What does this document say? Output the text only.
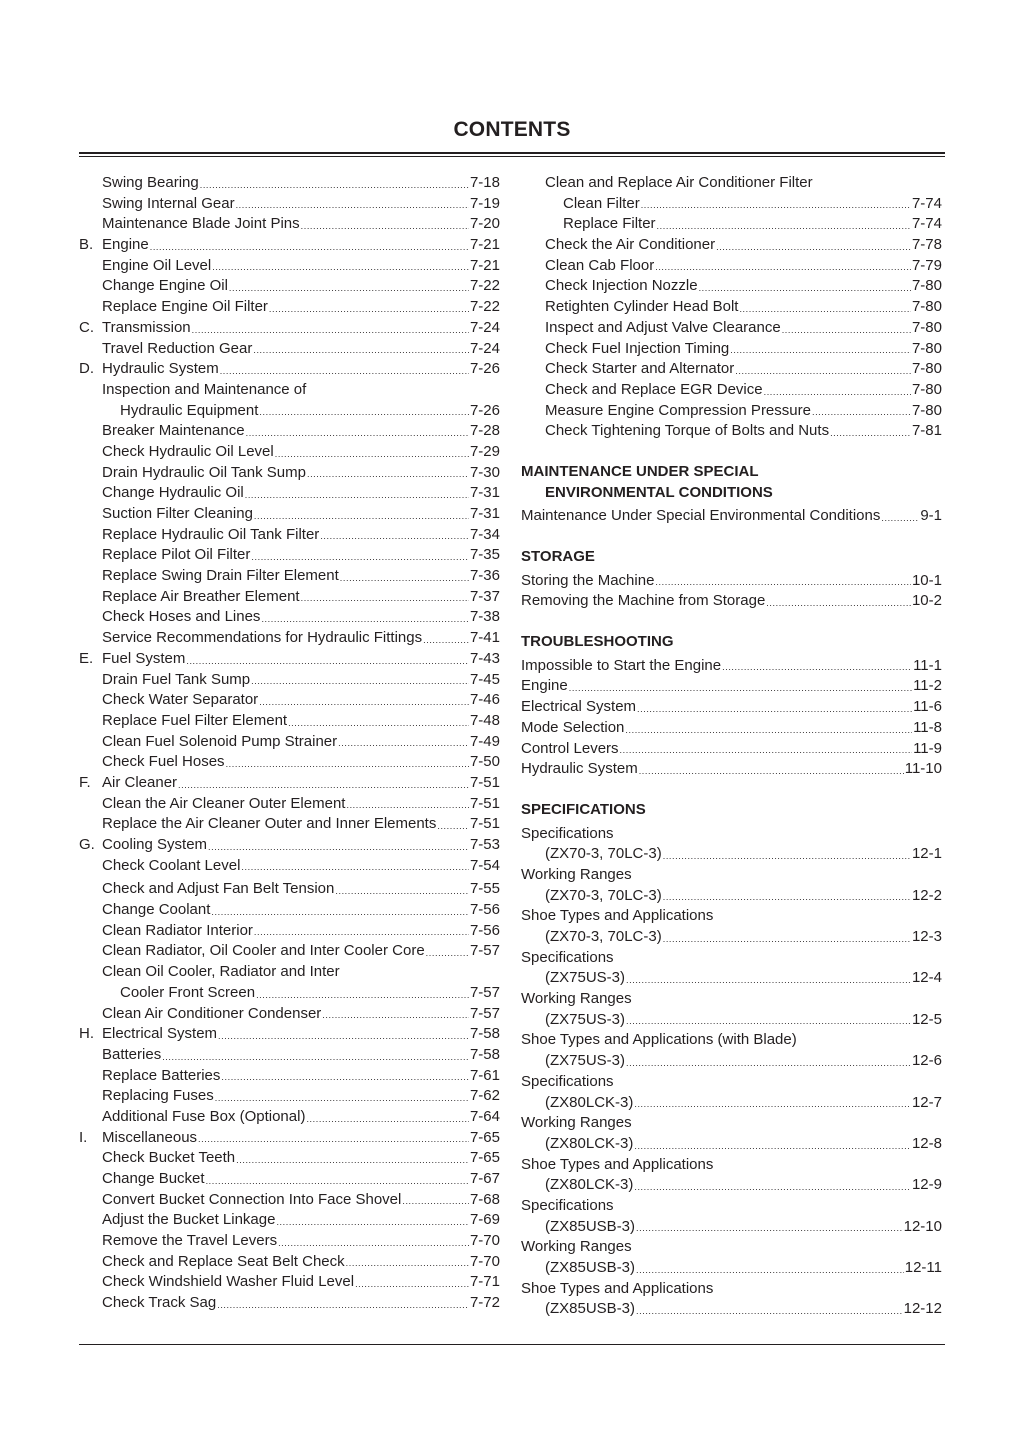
CONTENTS
Swing Bearing .....	7-18
Swing Internal Gear .....	7-19
Maintenance Blade Joint Pins .....	7-20
B. Engine .....	7-21
Engine Oil Level .....	7-21
Change Engine Oil .....	7-22
Replace Engine Oil Filter .....	7-22
C. Transmission .....	7-24
Travel Reduction Gear .....	7-24
D. Hydraulic System .....	7-26
Inspection and Maintenance of
Hydraulic Equipment .....	7-26
Breaker Maintenance .....	7-28
Check Hydraulic Oil Level .....	7-29
Drain Hydraulic Oil Tank Sump .....	7-30
Change Hydraulic Oil .....	7-31
Suction Filter Cleaning .....	7-31
Replace Hydraulic Oil Tank Filter .....	7-34
Replace Pilot Oil Filter .....	7-35
Replace Swing Drain Filter Element .....	7-36
Replace Air Breather Element .....	7-37
Check Hoses and Lines .....	7-38
Service Recommendations for Hydraulic Fittings .....	7-41
E. Fuel System .....	7-43
Drain Fuel Tank Sump .....	7-45
Check Water Separator .....	7-46
Replace Fuel Filter Element .....	7-48
Clean Fuel Solenoid Pump Strainer .....	7-49
Check Fuel Hoses .....	7-50
F. Air Cleaner .....	7-51
Clean the Air Cleaner Outer Element .....	7-51
Replace the Air Cleaner Outer and Inner Elements ..... 7-51
G. Cooling System .....	7-53
Check Coolant Level .....	7-54
Check and Adjust Fan Belt Tension .....	7-55
Change Coolant .....	7-56
Clean Radiator Interior .....	7-56
Clean Radiator, Oil Cooler and Inter Cooler Core .....	7-57
Clean Oil Cooler, Radiator and Inter
Cooler Front Screen .....	7-57
Clean Air Conditioner Condenser .....	7-57
H. Electrical System .....	7-58
Batteries .....	7-58
Replace Batteries .....	7-61
Replacing Fuses .....	7-62
Additional Fuse Box (Optional) .....	7-64
I. Miscellaneous .....	7-65
Check Bucket Teeth .....	7-65
Change Bucket .....	7-67
Convert Bucket Connection Into Face Shovel .....	7-68
Adjust the Bucket Linkage .....	7-69
Remove the Travel Levers .....	7-70
Check and Replace Seat Belt Check .....	7-70
Check Windshield Washer Fluid Level .....	7-71
Check Track Sag .....	7-72
Clean and Replace Air Conditioner Filter
Clean Filter .....	7-74
Replace Filter .....	7-74
Check the Air Conditioner .....	7-78
Clean Cab Floor .....	7-79
Check Injection Nozzle .....	7-80
Retighten Cylinder Head Bolt .....	7-80
Inspect and Adjust Valve Clearance .....	7-80
Check Fuel Injection Timing .....	7-80
Check Starter and Alternator .....	7-80
Check and Replace EGR Device .....	7-80
Measure Engine Compression Pressure .....	7-80
Check Tightening Torque of Bolts and Nuts .....	7-81
MAINTENANCE UNDER SPECIAL
ENVIRONMENTAL CONDITIONS
Maintenance Under Special Environmental Conditions .....	9-1
STORAGE
Storing the Machine .....	10-1
Removing the Machine from Storage .....	10-2
TROUBLESHOOTING
Impossible to Start the Engine .....	11-1
Engine .....	11-2
Electrical System .....	11-6
Mode Selection .....	11-8
Control Levers .....	11-9
Hydraulic System .....	11-10
SPECIFICATIONS
Specifications
(ZX70-3, 70LC-3) .....	12-1
Working Ranges
(ZX70-3, 70LC-3) .....	12-2
Shoe Types and Applications
(ZX70-3, 70LC-3) .....	12-3
Specifications
(ZX75US-3) .....	12-4
Working Ranges
(ZX75US-3) .....	12-5
Shoe Types and Applications (with Blade)
(ZX75US-3) .....	12-6
Specifications
(ZX80LCK-3) .....	12-7
Working Ranges
(ZX80LCK-3) .....	12-8
Shoe Types and Applications
(ZX80LCK-3) .....	12-9
Specifications
(ZX85USB-3) .....	12-10
Working Ranges
(ZX85USB-3) .....	12-11
Shoe Types and Applications
(ZX85USB-3) .....	12-12
